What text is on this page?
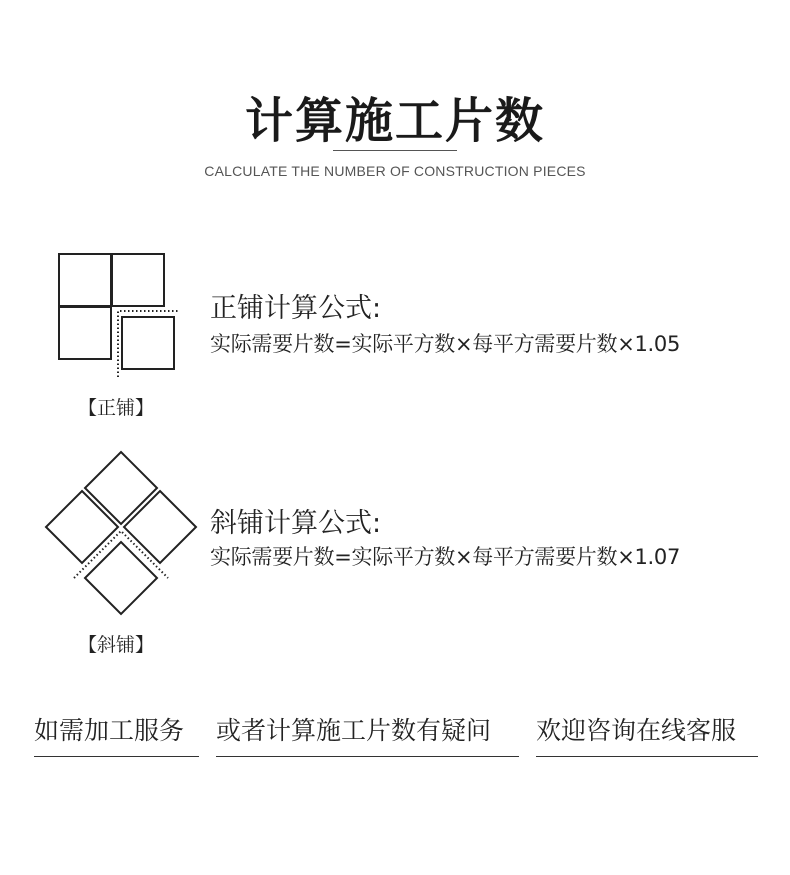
计算施工片数
CALCULATE THE NUMBER OF CONSTRUCTION PIECES
【正铺】
正铺计算公式:
实际需要片数=实际平方数×每平方需要片数×1.05
【斜铺】
斜铺计算公式:
实际需要片数=实际平方数×每平方需要片数×1.07
如需加工服务 或者计算施工片数有疑问 欢迎咨询在线客服
